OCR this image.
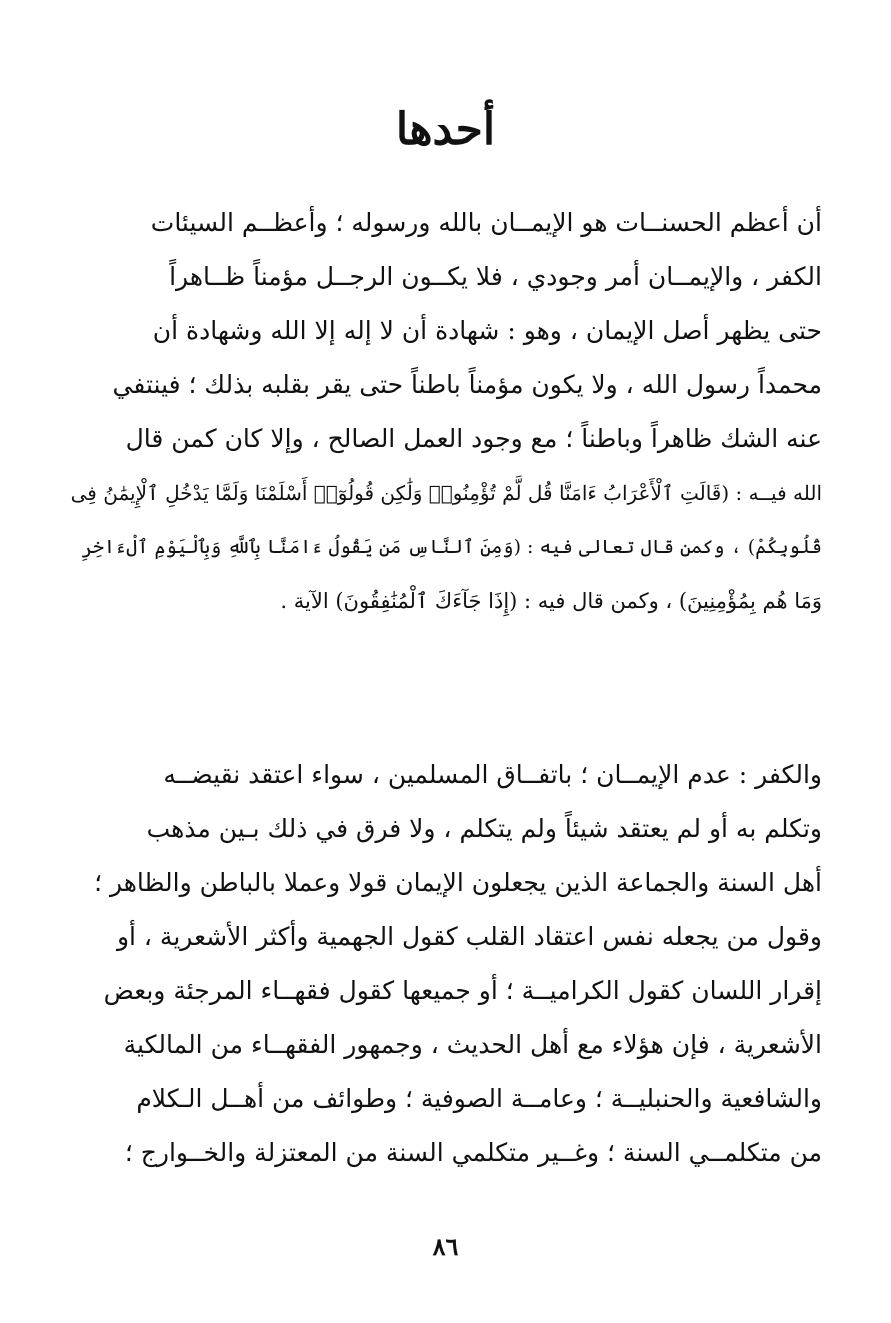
أحدها
أن أعظم الحسنــات هو الإيمــان بالله ورسوله ؛ وأعظــم السيئات
الكفر ، والإيمــان أمر وجودي ، فلا يكــون الرجــل مؤمناً ظــاهراً
حتى يظهر أصل الإيمان ، وهو : شهادة أن لا إله إلا الله وشهادة أن
محمداً رسول الله ، ولا يكون مؤمناً باطناً حتى يقر بقلبه بذلك ؛ فينتفي
عنه الشك ظاهراً وباطناً ؛ مع وجود العمل الصالح ، وإلا كان كمن قال
الله فيــه : (قَالَتِ ٱلْأَعْرَابُ ءَامَنَّا قُل لَّمْ تُؤْمِنُوا۟ وَلَٰكِن قُولُوٓا۟ أَسْلَمْنَا وَلَمَّا يَدْخُلِ ٱلْإِيمَٰنُ فِى
قُلُوبِكُمْ) ، وكمن قال تعالى فيه : (وَمِنَ ٱلنَّاسِ مَن يَقُولُ ءَامَنَّا بِٱللَّهِ وَبِٱلْيَوْمِ ٱلْءَاخِرِ
وَمَا هُم بِمُؤْمِنِينَ) ، وكمن قال فيه : (إِذَا جَآءَكَ ٱلْمُنَٰفِقُونَ) الآية .
والكفر : عدم الإيمــان ؛ باتفــاق المسلمين ، سواء اعتقد نقيضــه
وتكلم به أو لم يعتقد شيئاً ولم يتكلم ، ولا فرق في ذلك بـين مذهب
أهل السنة والجماعة الذين يجعلون الإيمان قولا وعملا بالباطن والظاهر ؛
وقول من يجعله نفس اعتقاد القلب كقول الجهمية وأكثر الأشعرية ، أو
إقرار اللسان كقول الكراميــة ؛ أو جميعها كقول فقهــاء المرجئة وبعض
الأشعرية ، فإن هؤلاء مع أهل الحديث ، وجمهور الفقهــاء من المالكية
والشافعية والحنبليــة ؛ وعامــة الصوفية ؛ وطوائف من أهــل الـكلام
من متكلمــي السنة ؛ وغــير متكلمي السنة من المعتزلة والخــوارج ؛
٨٦
